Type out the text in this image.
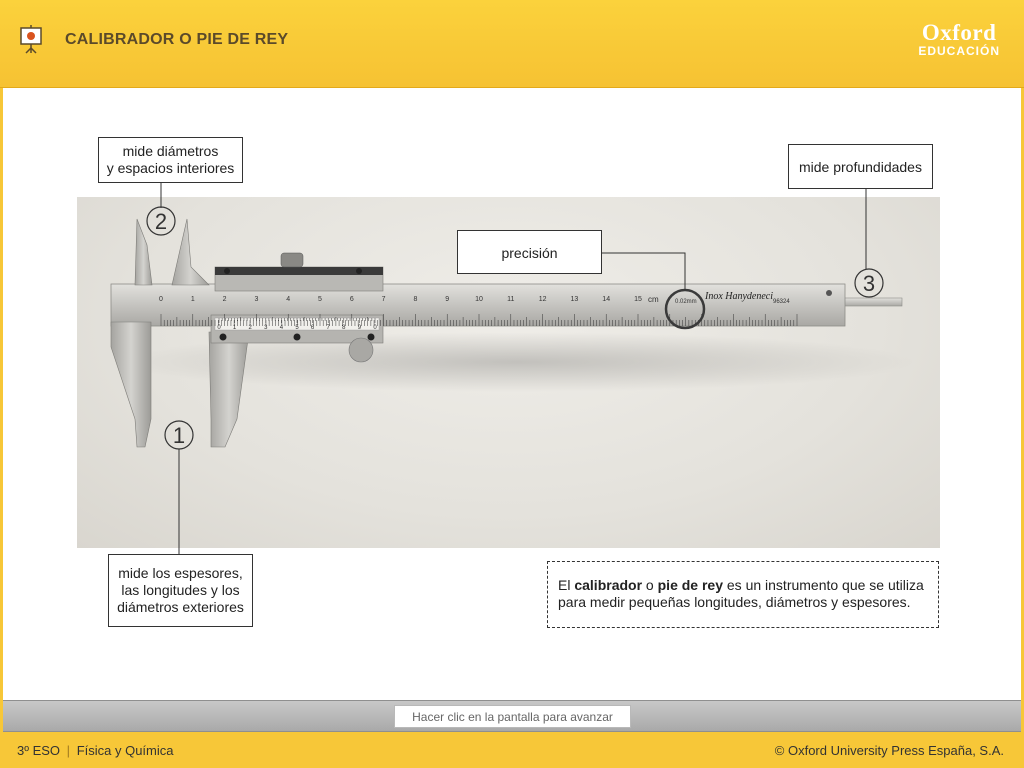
CALIBRADOR O PIE DE REY	Oxford
EDUCACIÓN
0	1	2	3	4	5	6	7	8	9	10	11	12	13	14	15
0 1 2 3 4 5 6 7 8 9 0
cm	0.02mm Inox Hanydeneci 96324
2
3
1
mide diámetros
y espacios interiores
precisión
mide profundidades
mide los espesores,
las longitudes y los
diámetros exteriores
El calibrador o pie de rey es un instrumento que se utiliza para medir pequeñas longitudes, diámetros y espesores.
Hacer clic en la pantalla para avanzar
3º ESO | Física y Química	© Oxford University Press España, S.A.
